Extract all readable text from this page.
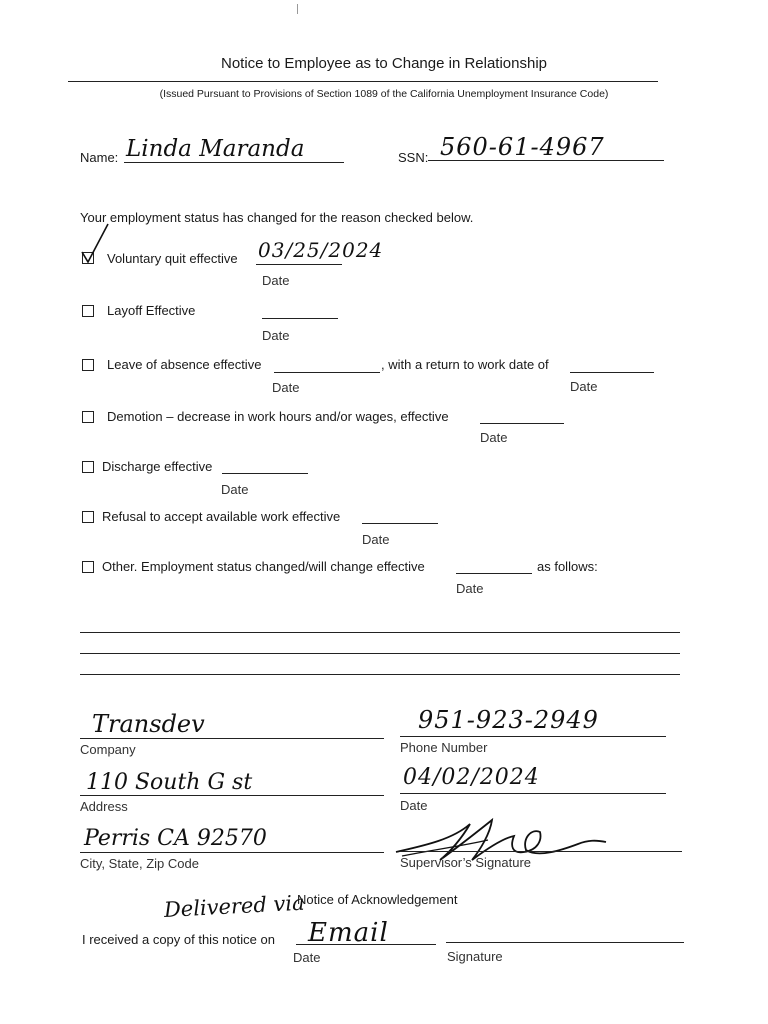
Notice to Employee as to Change in Relationship
(Issued Pursuant to Provisions of Section 1089 of the California Unemployment Insurance Code)
Name: Linda Maranda	SSN: 560-61-4967
Your employment status has changed for the reason checked below.
Voluntary quit effective 03/25/2024
Date
Layoff Effective
Date
Leave of absence effective	, with a return to work date of
Date	Date
Demotion – decrease in work hours and/or wages, effective
Date
Discharge effective
Date
Refusal to accept available work effective
Date
Other. Employment status changed/will change effective	as follows:
Date
Transdev
Company
951-923-2949
Phone Number
110 South G st
Address
04/02/2024
Date
Perris CA 92570
City, State, Zip Code	Supervisor’s Signature
Notice of Acknowledgement
Delivered via
Email
I received a copy of this notice on
Date	Signature
